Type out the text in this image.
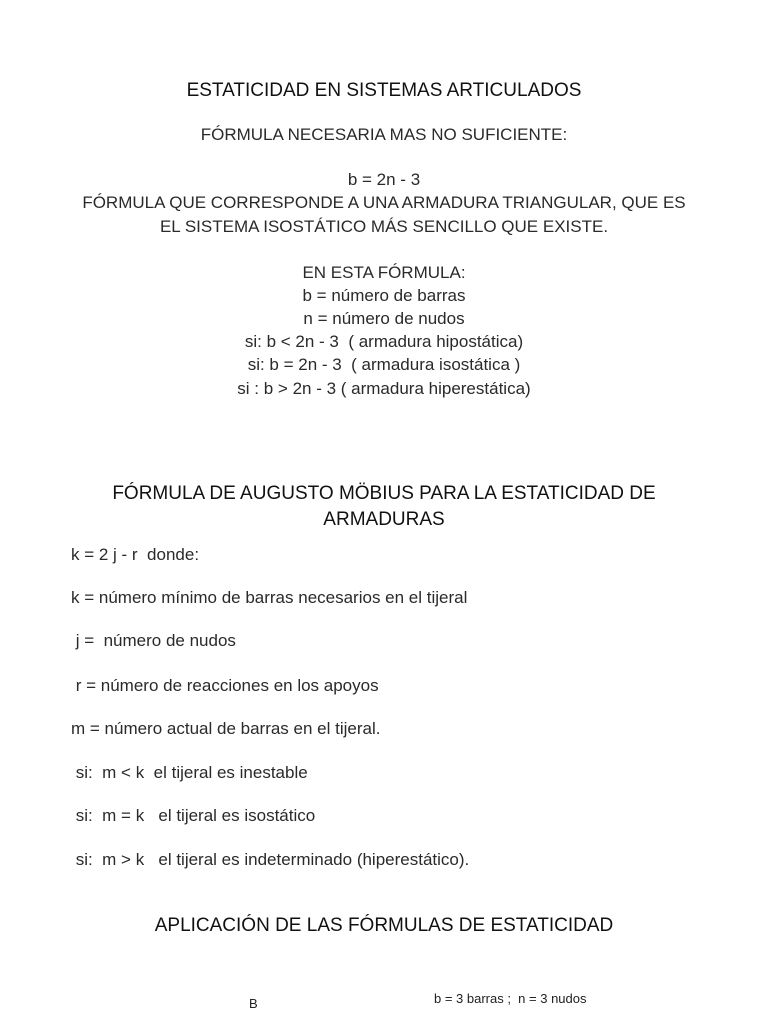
ESTATICIDAD EN SISTEMAS ARTICULADOS
FÓRMULA NECESARIA MAS NO SUFICIENTE:
b = 2n - 3
FÓRMULA QUE CORRESPONDE A UNA ARMADURA TRIANGULAR, QUE ES
EL SISTEMA ISOSTÁTICO MÁS SENCILLO QUE EXISTE.
EN ESTA FÓRMULA:
b = número de barras
n = número de nudos
si: b < 2n - 3  ( armadura hipostática)
si: b = 2n - 3  ( armadura isostática )
si : b > 2n - 3 ( armadura hiperestática)
FÓRMULA DE AUGUSTO MÖBIUS PARA LA ESTATICIDAD DE
ARMADURAS
k = 2 j - r  donde:
k = número mínimo de barras necesarios en el tijeral
j =  número de nudos
r = número de reacciones en los apoyos
m = número actual de barras en el tijeral.
si:  m < k  el tijeral es inestable
si:  m = k   el tijeral es isostático
si:  m > k   el tijeral es indeterminado (hiperestático).
APLICACIÓN DE LAS FÓRMULAS DE ESTATICIDAD
B	b = 3 barras ;  n = 3 nudos
